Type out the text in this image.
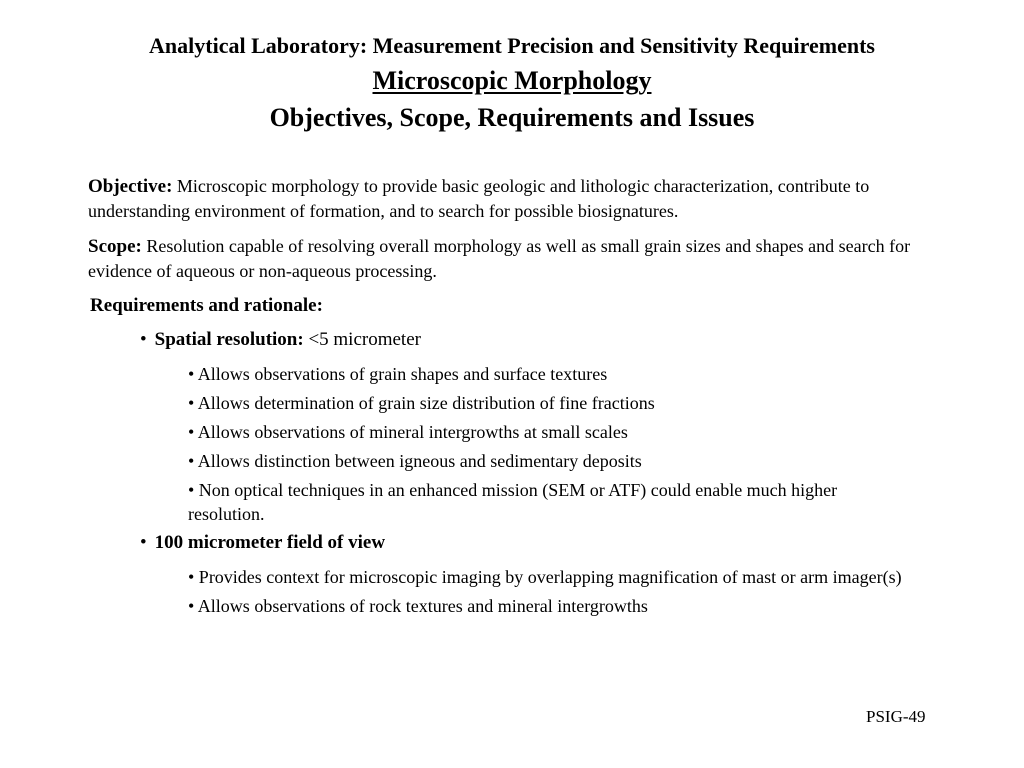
Analytical Laboratory: Measurement Precision and Sensitivity Requirements
Microscopic Morphology
Objectives, Scope, Requirements and Issues

Objective: Microscopic morphology to provide basic geologic and lithologic characterization, contribute to understanding environment of formation, and to search for possible biosignatures.

Scope: Resolution capable of resolving overall morphology as well as small grain sizes and shapes and search for evidence of aqueous or non-aqueous processing.

Requirements and rationale:
• Spatial resolution: <5 micrometer
• Allows observations of grain shapes and surface textures
• Allows determination of grain size distribution of fine fractions
• Allows observations of mineral intergrowths at small scales
• Allows distinction between igneous and sedimentary deposits
• Non optical techniques in an enhanced mission (SEM or ATF) could enable much higher resolution.
• 100 micrometer field of view
• Provides context for microscopic imaging by overlapping magnification of mast or arm imager(s)
• Allows observations of rock textures and mineral intergrowths
PSIG-49
